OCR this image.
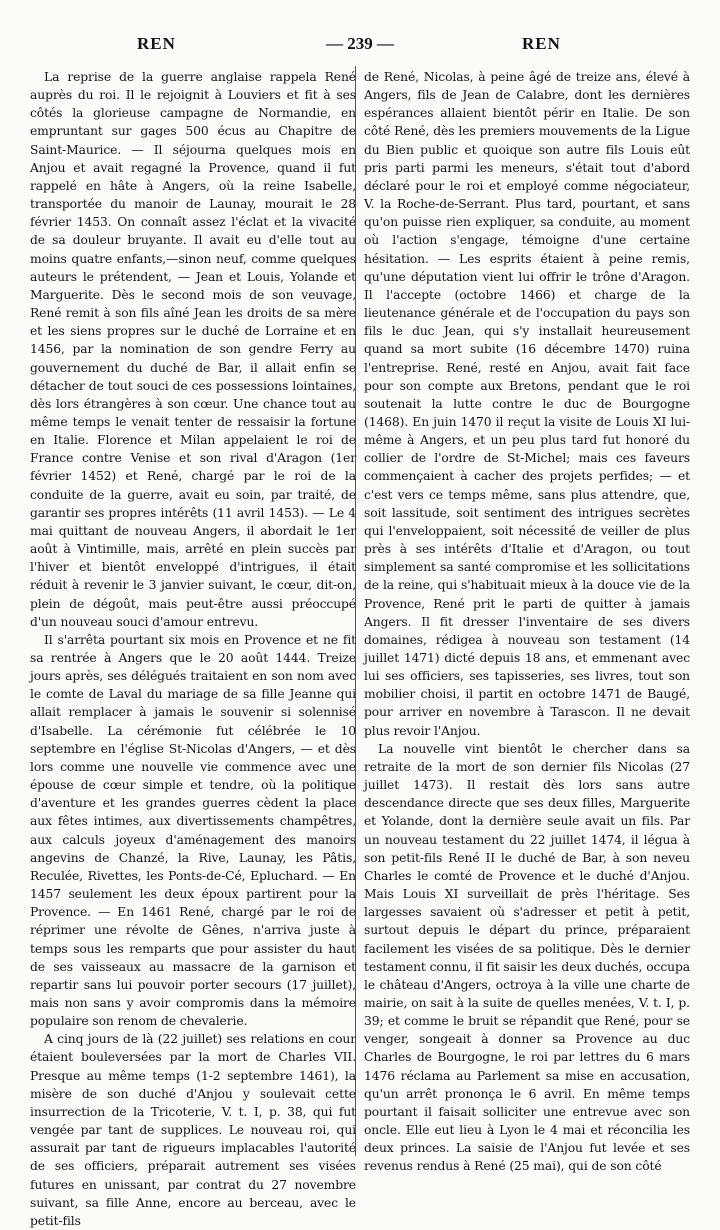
REN	— 239 —	REN

La reprise de la guerre anglaise rappela René auprès du roi. Il le rejoignit à Louviers et fit à ses côtés la glorieuse campagne de Normandie, en empruntant sur gages 500 écus au Chapitre de Saint-Maurice. — Il séjourna quelques mois en Anjou et avait regagné la Provence, quand il fut rappelé en hâte à Angers, où la reine Isabelle, transportée du manoir de Launay, mourait le 28 février 1453. On connaît assez l'éclat et la vivacité de sa douleur bruyante. Il avait eu d'elle tout au moins quatre enfants,—sinon neuf, comme quelques auteurs le prétendent, — Jean et Louis, Yolande et Marguerite. Dès le second mois de son veuvage, René remit à son fils aîné Jean les droits de sa mère et les siens propres sur le duché de Lorraine et en 1456, par la nomination de son gendre Ferry au gouvernement du duché de Bar, il allait enfin se détacher de tout souci de ces possessions lointaines, dès lors étrangères à son cœur. Une chance tout au même temps le venait tenter de ressaisir la fortune en Italie. Florence et Milan appelaient le roi de France contre Venise et son rival d'Aragon (1er février 1452) et René, chargé par le roi de la conduite de la guerre, avait eu soin, par traité, de garantir ses propres intérêts (11 avril 1453). — Le 4 mai quittant de nouveau Angers, il abordait le 1er août à Vintimille, mais, arrêté en plein succès par l'hiver et bientôt enveloppé d'intrigues, il était réduit à revenir le 3 janvier suivant, le cœur, dit-on, plein de dégoût, mais peut-être aussi préoccupé d'un nouveau souci d'amour entrevu.

Il s'arrêta pourtant six mois en Provence et ne fit sa rentrée à Angers que le 20 août 1444. Treize jours après, ses délégués traitaient en son nom avec le comte de Laval du mariage de sa fille Jeanne qui allait remplacer à jamais le souvenir si solennisé d'Isabelle. La cérémonie fut célébrée le 10 septembre en l'église St-Nicolas d'Angers, — et dès lors comme une nouvelle vie commence avec une épouse de cœur simple et tendre, où la politique d'aventure et les grandes guerres cèdent la place aux fêtes intimes, aux divertissements champêtres, aux calculs joyeux d'aménagement des manoirs angevins de Chanzé, la Rive, Launay, les Pâtis, Reculée, Rivettes, les Ponts-de-Cé, Epluchard. — En 1457 seulement les deux époux partirent pour la Provence. — En 1461 René, chargé par le roi de réprimer une révolte de Gênes, n'arriva juste à temps sous les remparts que pour assister du haut de ses vaisseaux au massacre de la garnison et repartir sans lui pouvoir porter secours (17 juillet), mais non sans y avoir compromis dans la mémoire populaire son renom de chevalerie.

A cinq jours de là (22 juillet) ses relations en cour étaient bouleversées par la mort de Charles VII. Presque au même temps (1-2 septembre 1461), la misère de son duché d'Anjou y soulevait cette insurrection de la Tricoterie, V. t. I, p. 38, qui fut vengée par tant de supplices. Le nouveau roi, qui assurait par tant de rigueurs implacables l'autorité de ses officiers, préparait autrement ses visées futures en unissant, par contrat du 27 novembre suivant, sa fille Anne, encore au berceau, avec le petit-fils

de René, Nicolas, à peine âgé de treize ans, élevé à Angers, fils de Jean de Calabre, dont les dernières espérances allaient bientôt périr en Italie. De son côté René, dès les premiers mouvements de la Ligue du Bien public et quoique son autre fils Louis eût pris parti parmi les meneurs, s'était tout d'abord déclaré pour le roi et employé comme négociateur, V. la Roche-de-Serrant. Plus tard, pourtant, et sans qu'on puisse rien expliquer, sa conduite, au moment où l'action s'engage, témoigne d'une certaine hésitation. — Les esprits étaient à peine remis, qu'une députation vient lui offrir le trône d'Aragon. Il l'accepte (octobre 1466) et charge de la lieutenance générale et de l'occupation du pays son fils le duc Jean, qui s'y installait heureusement quand sa mort subite (16 décembre 1470) ruina l'entreprise. René, resté en Anjou, avait fait face pour son compte aux Bretons, pendant que le roi soutenait la lutte contre le duc de Bourgogne (1468). En juin 1470 il reçut la visite de Louis XI lui-même à Angers, et un peu plus tard fut honoré du collier de l'ordre de St-Michel; mais ces faveurs commençaient à cacher des projets perfides; — et c'est vers ce temps même, sans plus attendre, que, soit lassitude, soit sentiment des intrigues secrètes qui l'enveloppaient, soit nécessité de veiller de plus près à ses intérêts d'Italie et d'Aragon, ou tout simplement sa santé compromise et les sollicitations de la reine, qui s'habituait mieux à la douce vie de la Provence, René prit le parti de quitter à jamais Angers. Il fit dresser l'inventaire de ses divers domaines, rédigea à nouveau son testament (14 juillet 1471) dicté depuis 18 ans, et emmenant avec lui ses officiers, ses tapisseries, ses livres, tout son mobilier choisi, il partit en octobre 1471 de Baugé, pour arriver en novembre à Tarascon. Il ne devait plus revoir l'Anjou.

La nouvelle vint bientôt le chercher dans sa retraite de la mort de son dernier fils Nicolas (27 juillet 1473). Il restait dès lors sans autre descendance directe que ses deux filles, Marguerite et Yolande, dont la dernière seule avait un fils. Par un nouveau testament du 22 juillet 1474, il légua à son petit-fils René II le duché de Bar, à son neveu Charles le comté de Provence et le duché d'Anjou. Mais Louis XI surveillait de près l'héritage. Ses largesses savaient où s'adresser et petit à petit, surtout depuis le départ du prince, préparaient facilement les visées de sa politique. Dès le dernier testament connu, il fit saisir les deux duchés, occupa le château d'Angers, octroya à la ville une charte de mairie, on sait à la suite de quelles menées, V. t. I, p. 39; et comme le bruit se répandit que René, pour se venger, songeait à donner sa Provence au duc Charles de Bourgogne, le roi par lettres du 6 mars 1476 réclama au Parlement sa mise en accusation, qu'un arrêt prononça le 6 avril. En même temps pourtant il faisait solliciter une entrevue avec son oncle. Elle eut lieu à Lyon le 4 mai et réconcilia les deux princes. La saisie de l'Anjou fut levée et ses revenus rendus à René (25 mai), qui de son côté
